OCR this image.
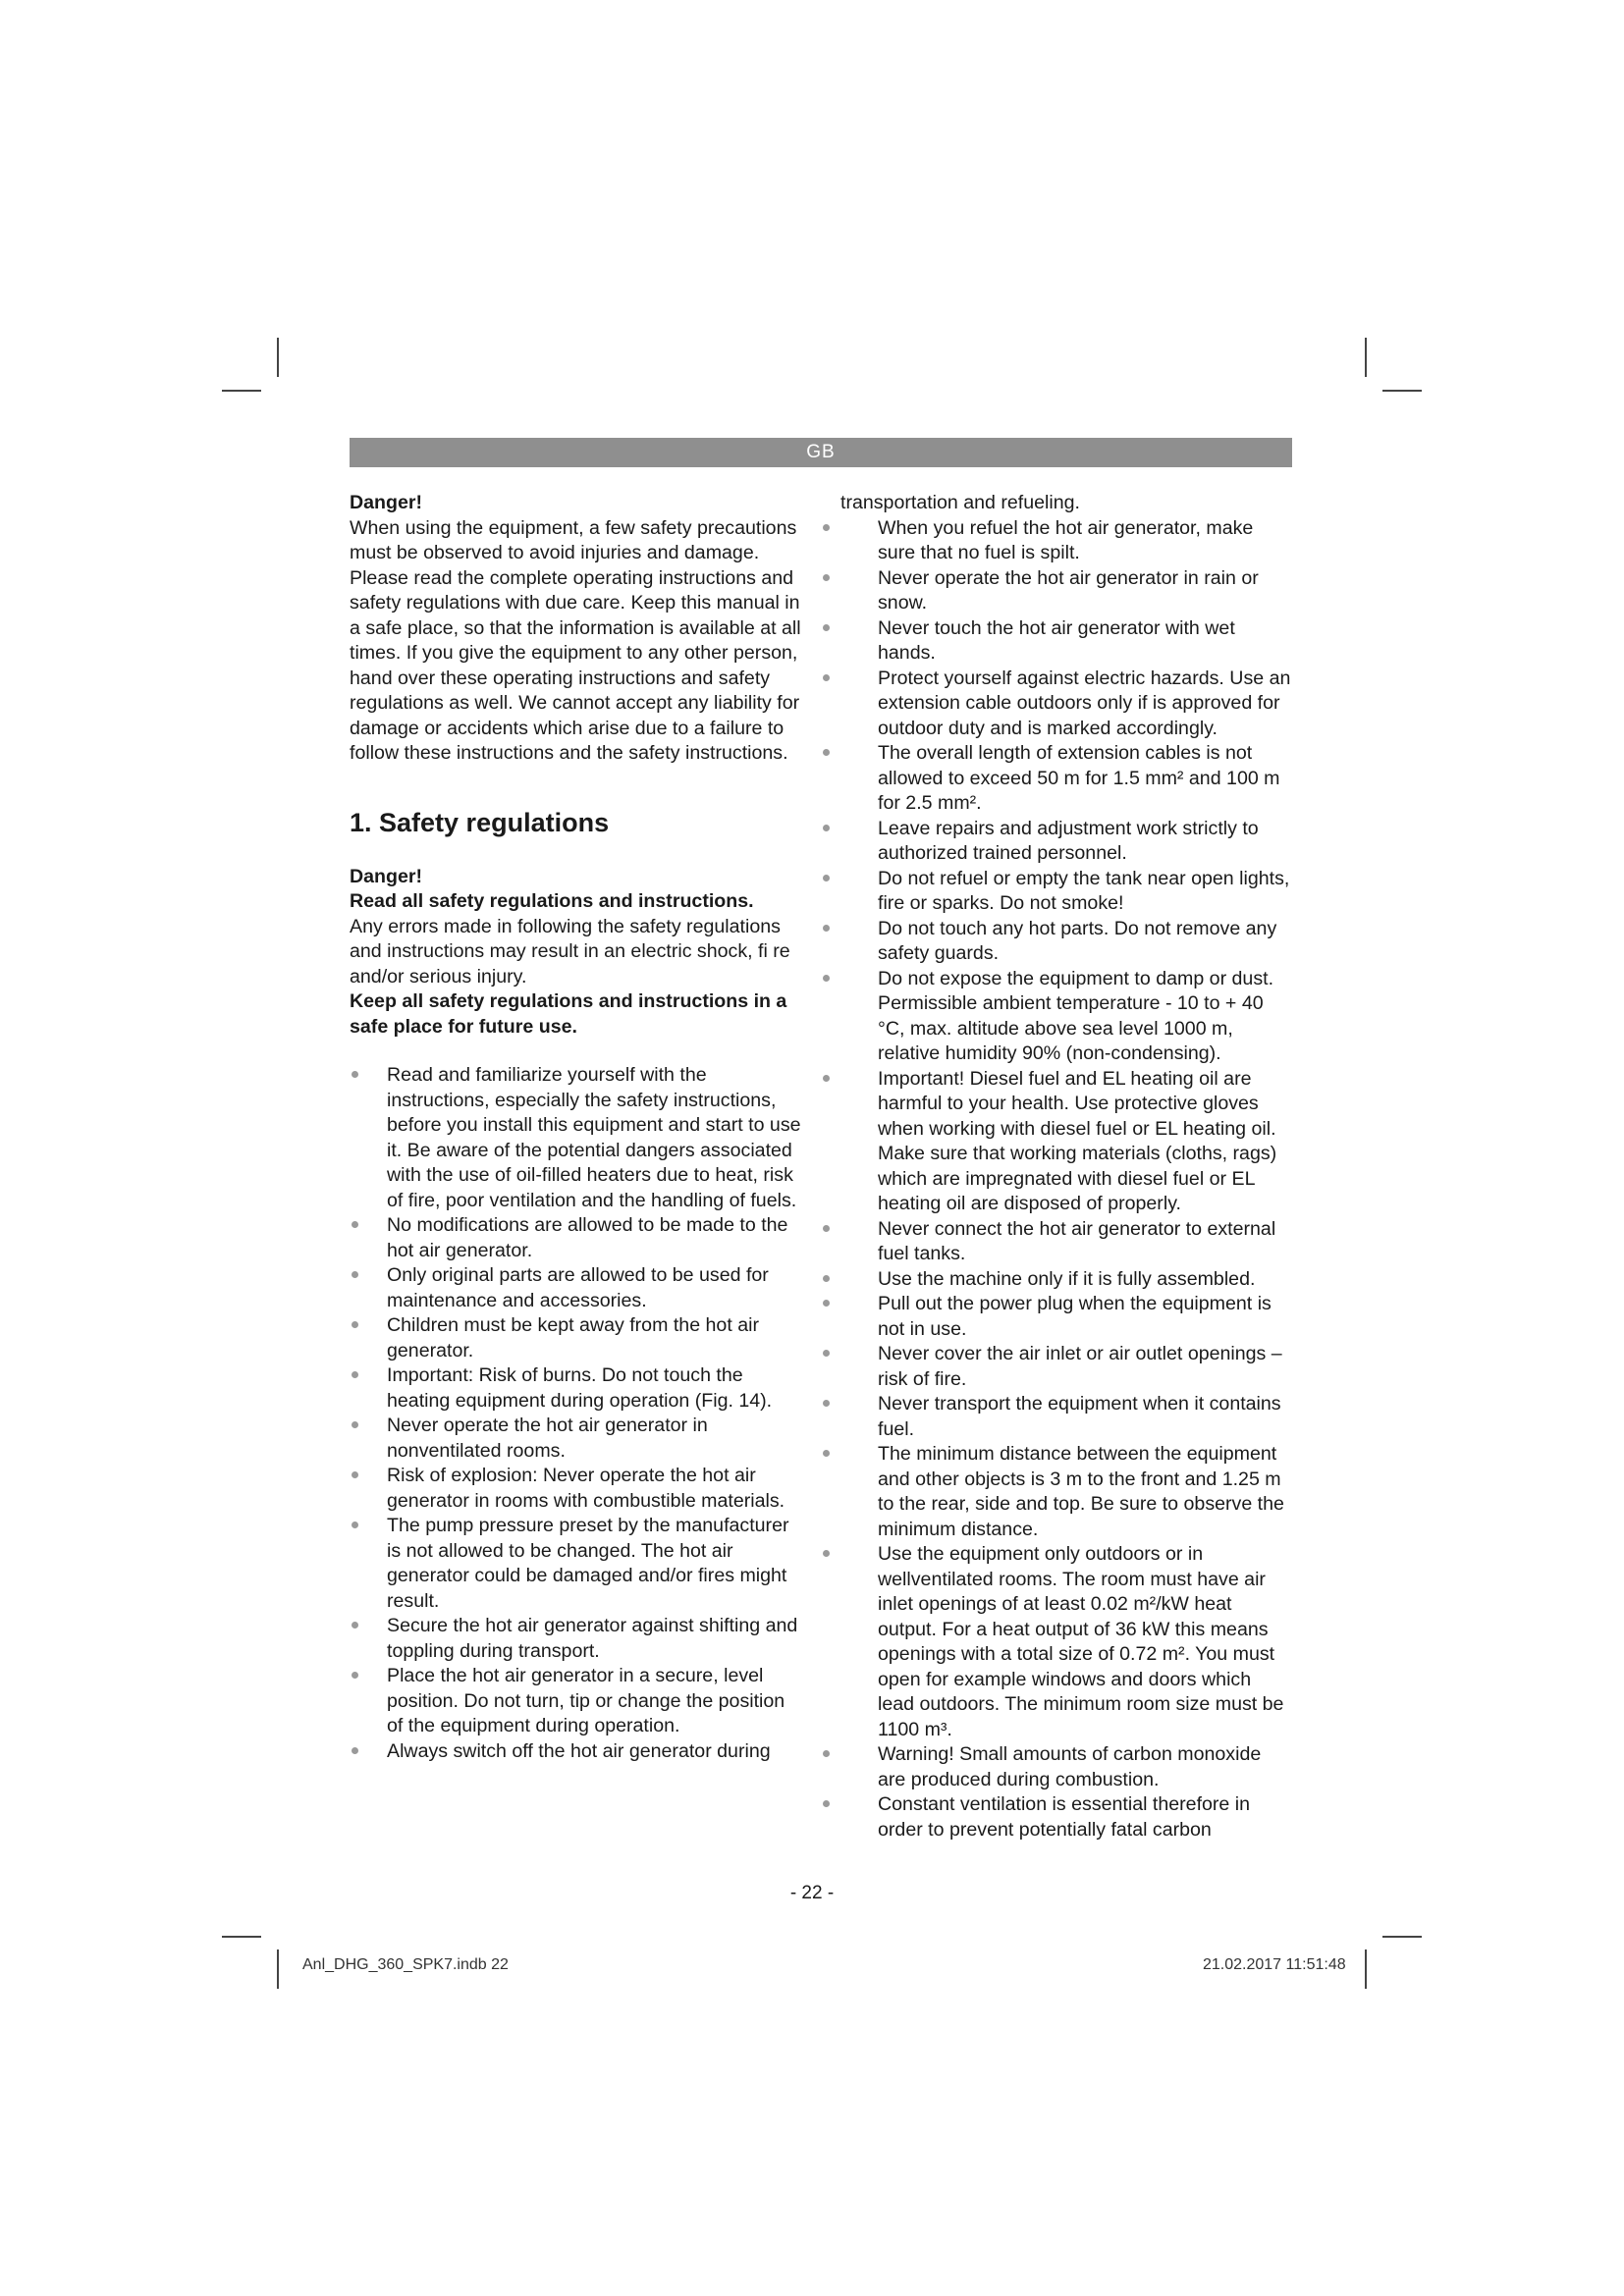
GB

Danger!

When using the equipment, a few safety precautions must be observed to avoid injuries and damage. Please read the complete operating instructions and safety regulations with due care. Keep this manual in a safe place, so that the information is available at all times. If you give the equipment to any other person, hand over these operating instructions and safety regulations as well. We cannot accept any liability for damage or accidents which arise due to a failure to follow these instructions and the safety instructions.

1. Safety regulations

Danger!

Read all safety regulations and instructions.

Any errors made in following the safety regulations and instructions may result in an electric shock, fi re and/or serious injury.

Keep all safety regulations and instructions in a safe place for future use.

Read and familiarize yourself with the instructions, especially the safety instructions, before you install this equipment and start to use it. Be aware of the potential dangers associated with the use of oil-filled heaters due to heat, risk of fire, poor ventilation and the handling of fuels.
No modifications are allowed to be made to the hot air generator.
Only original parts are allowed to be used for maintenance and accessories.
Children must be kept away from the hot air generator.
Important: Risk of burns. Do not touch the heating equipment during operation (Fig. 14).
Never operate the hot air generator in nonventilated rooms.
Risk of explosion: Never operate the hot air generator in rooms with combustible materials.
The pump pressure preset by the manufacturer is not allowed to be changed. The hot air generator could be damaged and/or fires might result.
Secure the hot air generator against shifting and toppling during transport.
Place the hot air generator in a secure, level position. Do not turn, tip or change the position of the equipment during operation.
Always switch off the hot air generator during

transportation and refueling.

When you refuel the hot air generator, make sure that no fuel is spilt.
Never operate the hot air generator in rain or snow.
Never touch the hot air generator with wet hands.
Protect yourself against electric hazards. Use an extension cable outdoors only if is approved for outdoor duty and is marked accordingly.
The overall length of extension cables is not allowed to exceed 50 m for 1.5 mm² and 100 m for 2.5 mm².
Leave repairs and adjustment work strictly to authorized trained personnel.
Do not refuel or empty the tank near open lights, fire or sparks. Do not smoke!
Do not touch any hot parts. Do not remove any safety guards.
Do not expose the equipment to damp or dust. Permissible ambient temperature - 10 to + 40 °C, max. altitude above sea level 1000 m, relative humidity 90% (non-condensing).
Important! Diesel fuel and EL heating oil are harmful to your health. Use protective gloves when working with diesel fuel or EL heating oil. Make sure that working materials (cloths, rags) which are impregnated with diesel fuel or EL heating oil are disposed of properly.
Never connect the hot air generator to external fuel tanks.
Use the machine only if it is fully assembled.
Pull out the power plug when the equipment is not in use.
Never cover the air inlet or air outlet openings – risk of fire.
Never transport the equipment when it contains fuel.
The minimum distance between the equipment and other objects is 3 m to the front and 1.25 m to the rear, side and top. Be sure to observe the minimum distance.
Use the equipment only outdoors or in wellventilated rooms. The room must have air inlet openings of at least 0.02 m²/kW heat output. For a heat output of 36 kW this means openings with a total size of 0.72 m². You must open for example windows and doors which lead outdoors. The minimum room size must be 1100 m³.
Warning! Small amounts of carbon monoxide are produced during combustion.
Constant ventilation is essential therefore in order to prevent potentially fatal carbon
- 22 -
Anl_DHG_360_SPK7.indb 22	21.02.2017 11:51:48
